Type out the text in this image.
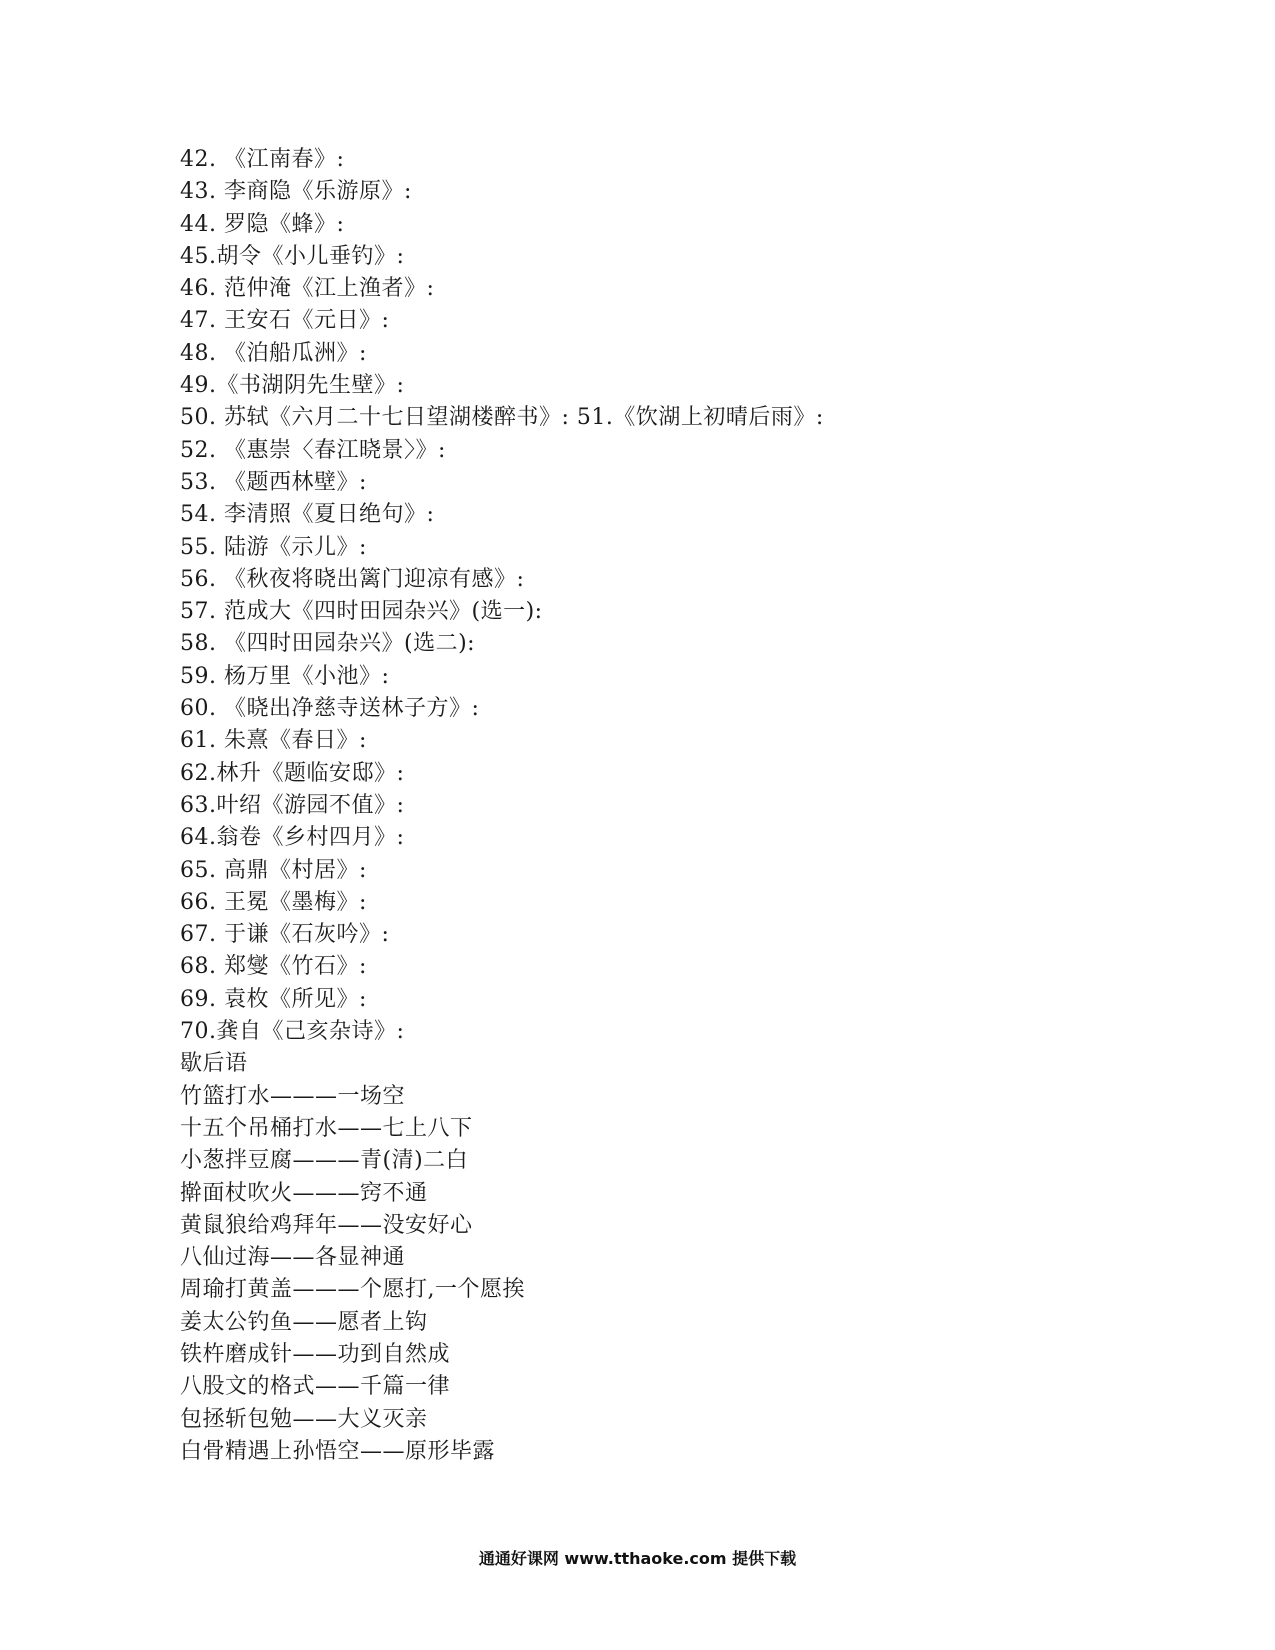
42. 《江南春》:
43. 李商隐《乐游原》:
44. 罗隐《蜂》:
45.胡令《小儿垂钓》:
46. 范仲淹《江上渔者》:
47. 王安石《元日》:
48. 《泊船瓜洲》:
49.《书湖阴先生壁》:
50. 苏轼《六月二十七日望湖楼醉书》: 51.《饮湖上初晴后雨》:
52. 《惠崇〈春江晓景〉》:
53. 《题西林壁》:
54. 李清照《夏日绝句》:
55. 陆游《示儿》:
56. 《秋夜将晓出篱门迎凉有感》:
57. 范成大《四时田园杂兴》(选一):
58. 《四时田园杂兴》(选二):
59. 杨万里《小池》:
60. 《晓出净慈寺送林子方》:
61. 朱熹《春日》:
62.林升《题临安邸》:
63.叶绍《游园不值》:
64.翁卷《乡村四月》:
65. 高鼎《村居》:
66. 王冕《墨梅》:
67. 于谦《石灰吟》:
68. 郑燮《竹石》:
69. 袁枚《所见》:
70.龚自《己亥杂诗》:
歇后语
竹篮打水———一场空
十五个吊桶打水——七上八下
小葱拌豆腐———青(清)二白
擀面杖吹火———窍不通
黄鼠狼给鸡拜年——没安好心
八仙过海——各显神通
周瑜打黄盖———个愿打,一个愿挨
姜太公钓鱼——愿者上钩
铁杵磨成针——功到自然成
八股文的格式——千篇一律
包拯斩包勉——大义灭亲
白骨精遇上孙悟空——原形毕露
通通好课网 www.tthaoke.com 提供下载
